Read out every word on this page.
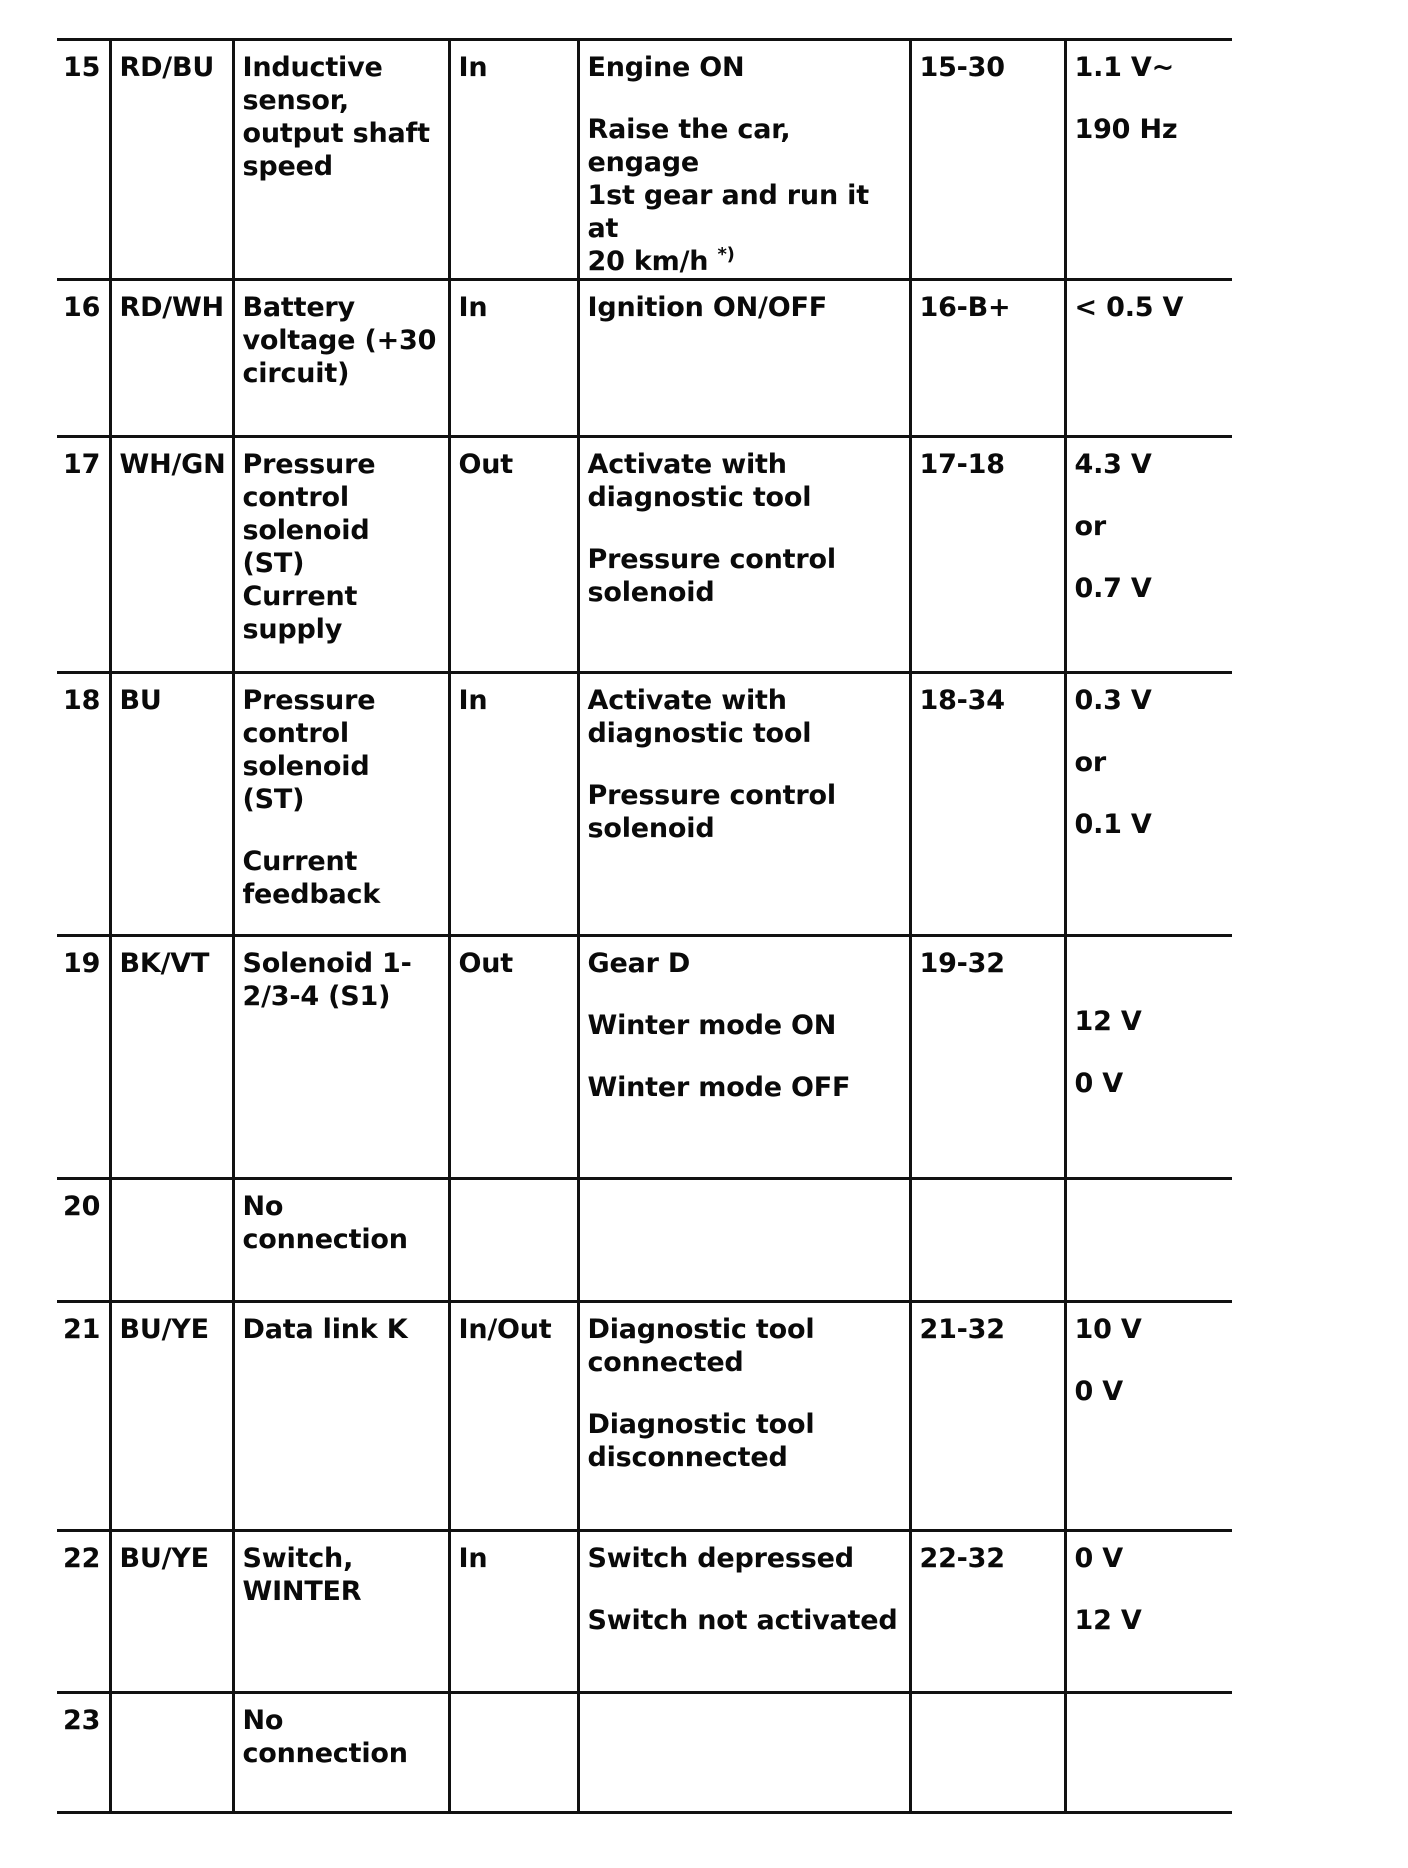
15	RD/BU	Inductive
sensor,
output shaft
speed	In	Engine ON
Raise the car, engage
1st gear and run it at
20 km/h *)	15-30	1.1 V~
190 Hz

16	RD/WH	Battery
voltage (+30
circuit)	In	Ignition ON/OFF	16-B+	< 0.5 V

17	WH/GN	Pressure
control
solenoid (ST)
Current
supply	Out	Activate with
diagnostic tool
Pressure control
solenoid	17-18	4.3 V
or
0.7 V

18	BU	Pressure
control
solenoid (ST)
Current
feedback	In	Activate with
diagnostic tool
Pressure control
solenoid	18-34	0.3 V
or
0.1 V

19	BK/VT	Solenoid 1-
2/3-4 (S1)	Out	Gear D
Winter mode ON
Winter mode OFF	19-32	12 V
0 V

20		No
connection				

21	BU/YE	Data link K	In/Out	Diagnostic tool
connected
Diagnostic tool
disconnected	21-32	10 V
0 V

22	BU/YE	Switch,
WINTER	In	Switch depressed
Switch not activated	22-32	0 V
12 V

23		No
connection				
